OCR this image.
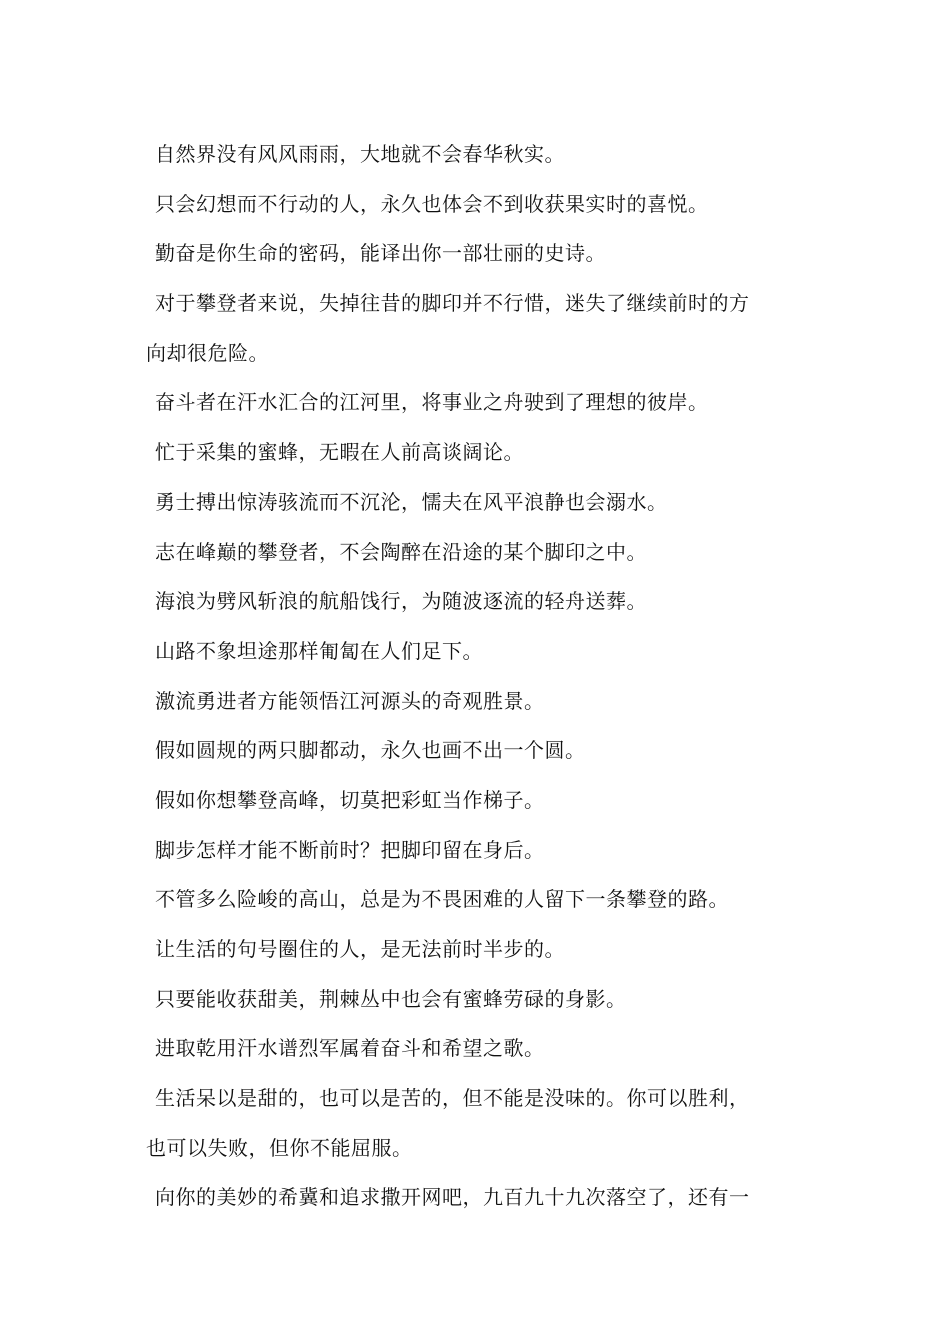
自然界没有风风雨雨，大地就不会春华秋实。
只会幻想而不行动的人，永久也体会不到收获果实时的喜悦。
勤奋是你生命的密码，能译出你一部壮丽的史诗。
对于攀登者来说，失掉往昔的脚印并不行惜，迷失了继续前时的方
向却很危险。
奋斗者在汗水汇合的江河里，将事业之舟驶到了理想的彼岸。
忙于采集的蜜蜂，无暇在人前高谈阔论。
勇士搏出惊涛骇流而不沉沦，懦夫在风平浪静也会溺水。
志在峰巅的攀登者，不会陶醉在沿途的某个脚印之中。
海浪为劈风斩浪的航船饯行，为随波逐流的轻舟送葬。
山路不象坦途那样匍匐在人们足下。
激流勇进者方能领悟江河源头的奇观胜景。
假如圆规的两只脚都动，永久也画不出一个圆。
假如你想攀登高峰，切莫把彩虹当作梯子。
脚步怎样才能不断前时？把脚印留在身后。
不管多么险峻的高山，总是为不畏困难的人留下一条攀登的路。
让生活的句号圈住的人，是无法前时半步的。
只要能收获甜美，荆棘丛中也会有蜜蜂劳碌的身影。
进取乾用汗水谱烈军属着奋斗和希望之歌。
生活呆以是甜的，也可以是苦的，但不能是没味的。你可以胜利，
也可以失败，但你不能屈服。
向你的美妙的希冀和追求撒开网吧，九百九十九次落空了，还有一
